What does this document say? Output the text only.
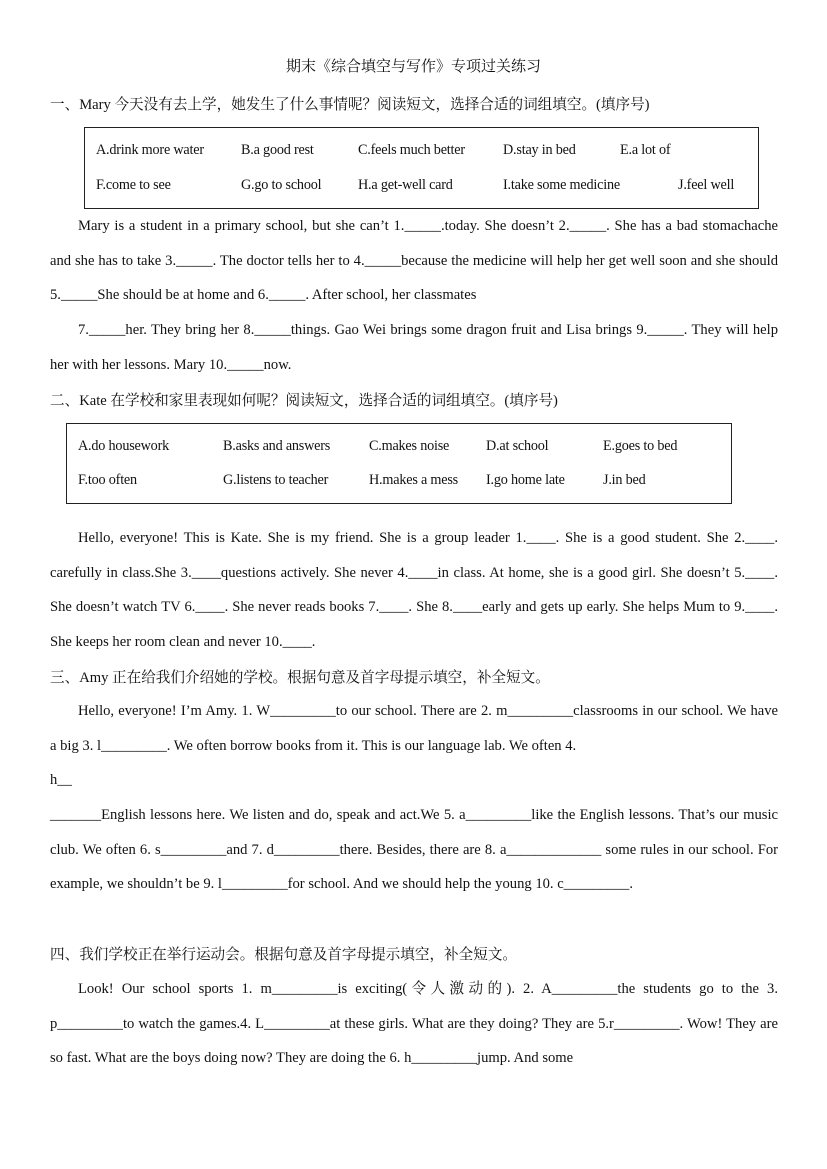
期末《综合填空与写作》专项过关练习
一、Mary 今天没有去上学，她发生了什么事情呢？阅读短文，选择合适的词组填空。(填序号)
A.drink more water	B.a good rest	C.feels much better	D.stay in bed	E.a lot of
F.come to see	G.go to school	H.a get-well card	I.take some medicine	J.feel well

Mary is a student in a primary school, but she can’t 1._____.today. She doesn’t 2._____. She has a bad stomachache and she has to take 3._____. The doctor tells her to 4._____because the medicine will help her get well soon and she should 5._____She should be at home and 6._____. After school, her classmates

7._____her. They bring her 8._____things. Gao Wei brings some dragon fruit and Lisa brings 9._____. They will help her with her lessons. Mary 10._____now.

二、Kate 在学校和家里表现如何呢？阅读短文，选择合适的词组填空。(填序号)
A.do housework	B.asks and answers	C.makes noise	D.at school	E.goes to bed
F.too often	G.listens to teacher	H.makes a mess I.go home late	J.in bed

Hello, everyone! This is Kate. She is my friend. She is a group leader 1.____. She is a good student. She 2.____. carefully in class.She 3.____questions actively. She never 4.____in class. At home, she is a good girl. She doesn’t 5.____. She doesn’t watch TV 6.____. She never reads books 7.____. She 8.____early and gets up early. She helps Mum to 9.____. She keeps her room clean and never 10.____.

三、Amy 正在给我们介绍她的学校。根据句意及首字母提示填空，补全短文。

Hello, everyone! I’m Amy. 1. W_________to our school. There are 2. m_________classrooms in our school. We have a big 3. l_________. We often borrow books from it. This is our language lab. We often 4.

h__

_______English lessons here. We listen and do, speak and act.We 5. a_________like the English lessons. That’s our music club. We often 6. s_________and 7. d_________there. Besides, there are 8. a_____________ some rules in our school. For example, we shouldn’t be 9. l_________for school. And we should help the young 10. c_________.

四、我们学校正在举行运动会。根据句意及首字母提示填空，补全短文。

Look! Our school sports 1. m_________is exciting(令人激动的). 2. A_________the students go to the 3. p_________to watch the games.4. L_________at these girls. What are they doing? They are 5.r_________. Wow! They are so fast. What are the boys doing now? They are doing the 6. h_________jump. And some
